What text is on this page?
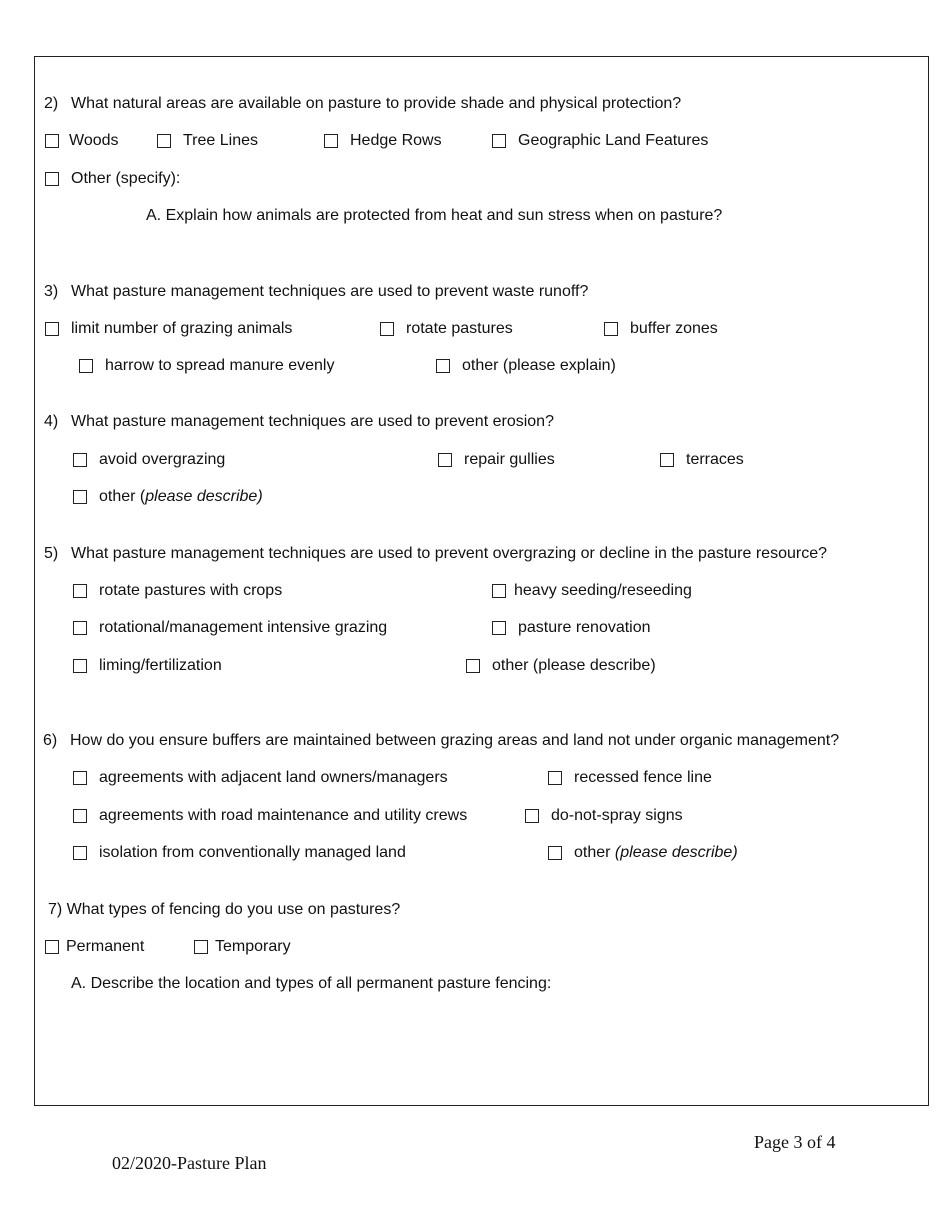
2) What natural areas are available on pasture to provide shade and physical protection?
Woods	Tree Lines	Hedge Rows	Geographic Land Features
Other (specify):
A. Explain how animals are protected from heat and sun stress when on pasture?
3) What pasture management techniques are used to prevent waste runoff?
limit number of grazing animals	rotate pastures	buffer zones
harrow to spread manure evenly	other (please explain)
4) What pasture management techniques are used to prevent erosion?
avoid overgrazing	repair gullies	terraces
other (please describe)
5) What pasture management techniques are used to prevent overgrazing or decline in the pasture resource?
rotate pastures with crops	heavy seeding/reseeding
rotational/management intensive grazing	pasture renovation
liming/fertilization	other (please describe)
6) How do you ensure buffers are maintained between grazing areas and land not under organic management?
agreements with adjacent land owners/managers	recessed fence line
agreements with road maintenance and utility crews	do-not-spray signs
isolation from conventionally managed land	other (please describe)
7) What types of fencing do you use on pastures?
Permanent	Temporary
A. Describe the location and types of all permanent pasture fencing:
Page 3 of 4
02/2020-Pasture Plan
